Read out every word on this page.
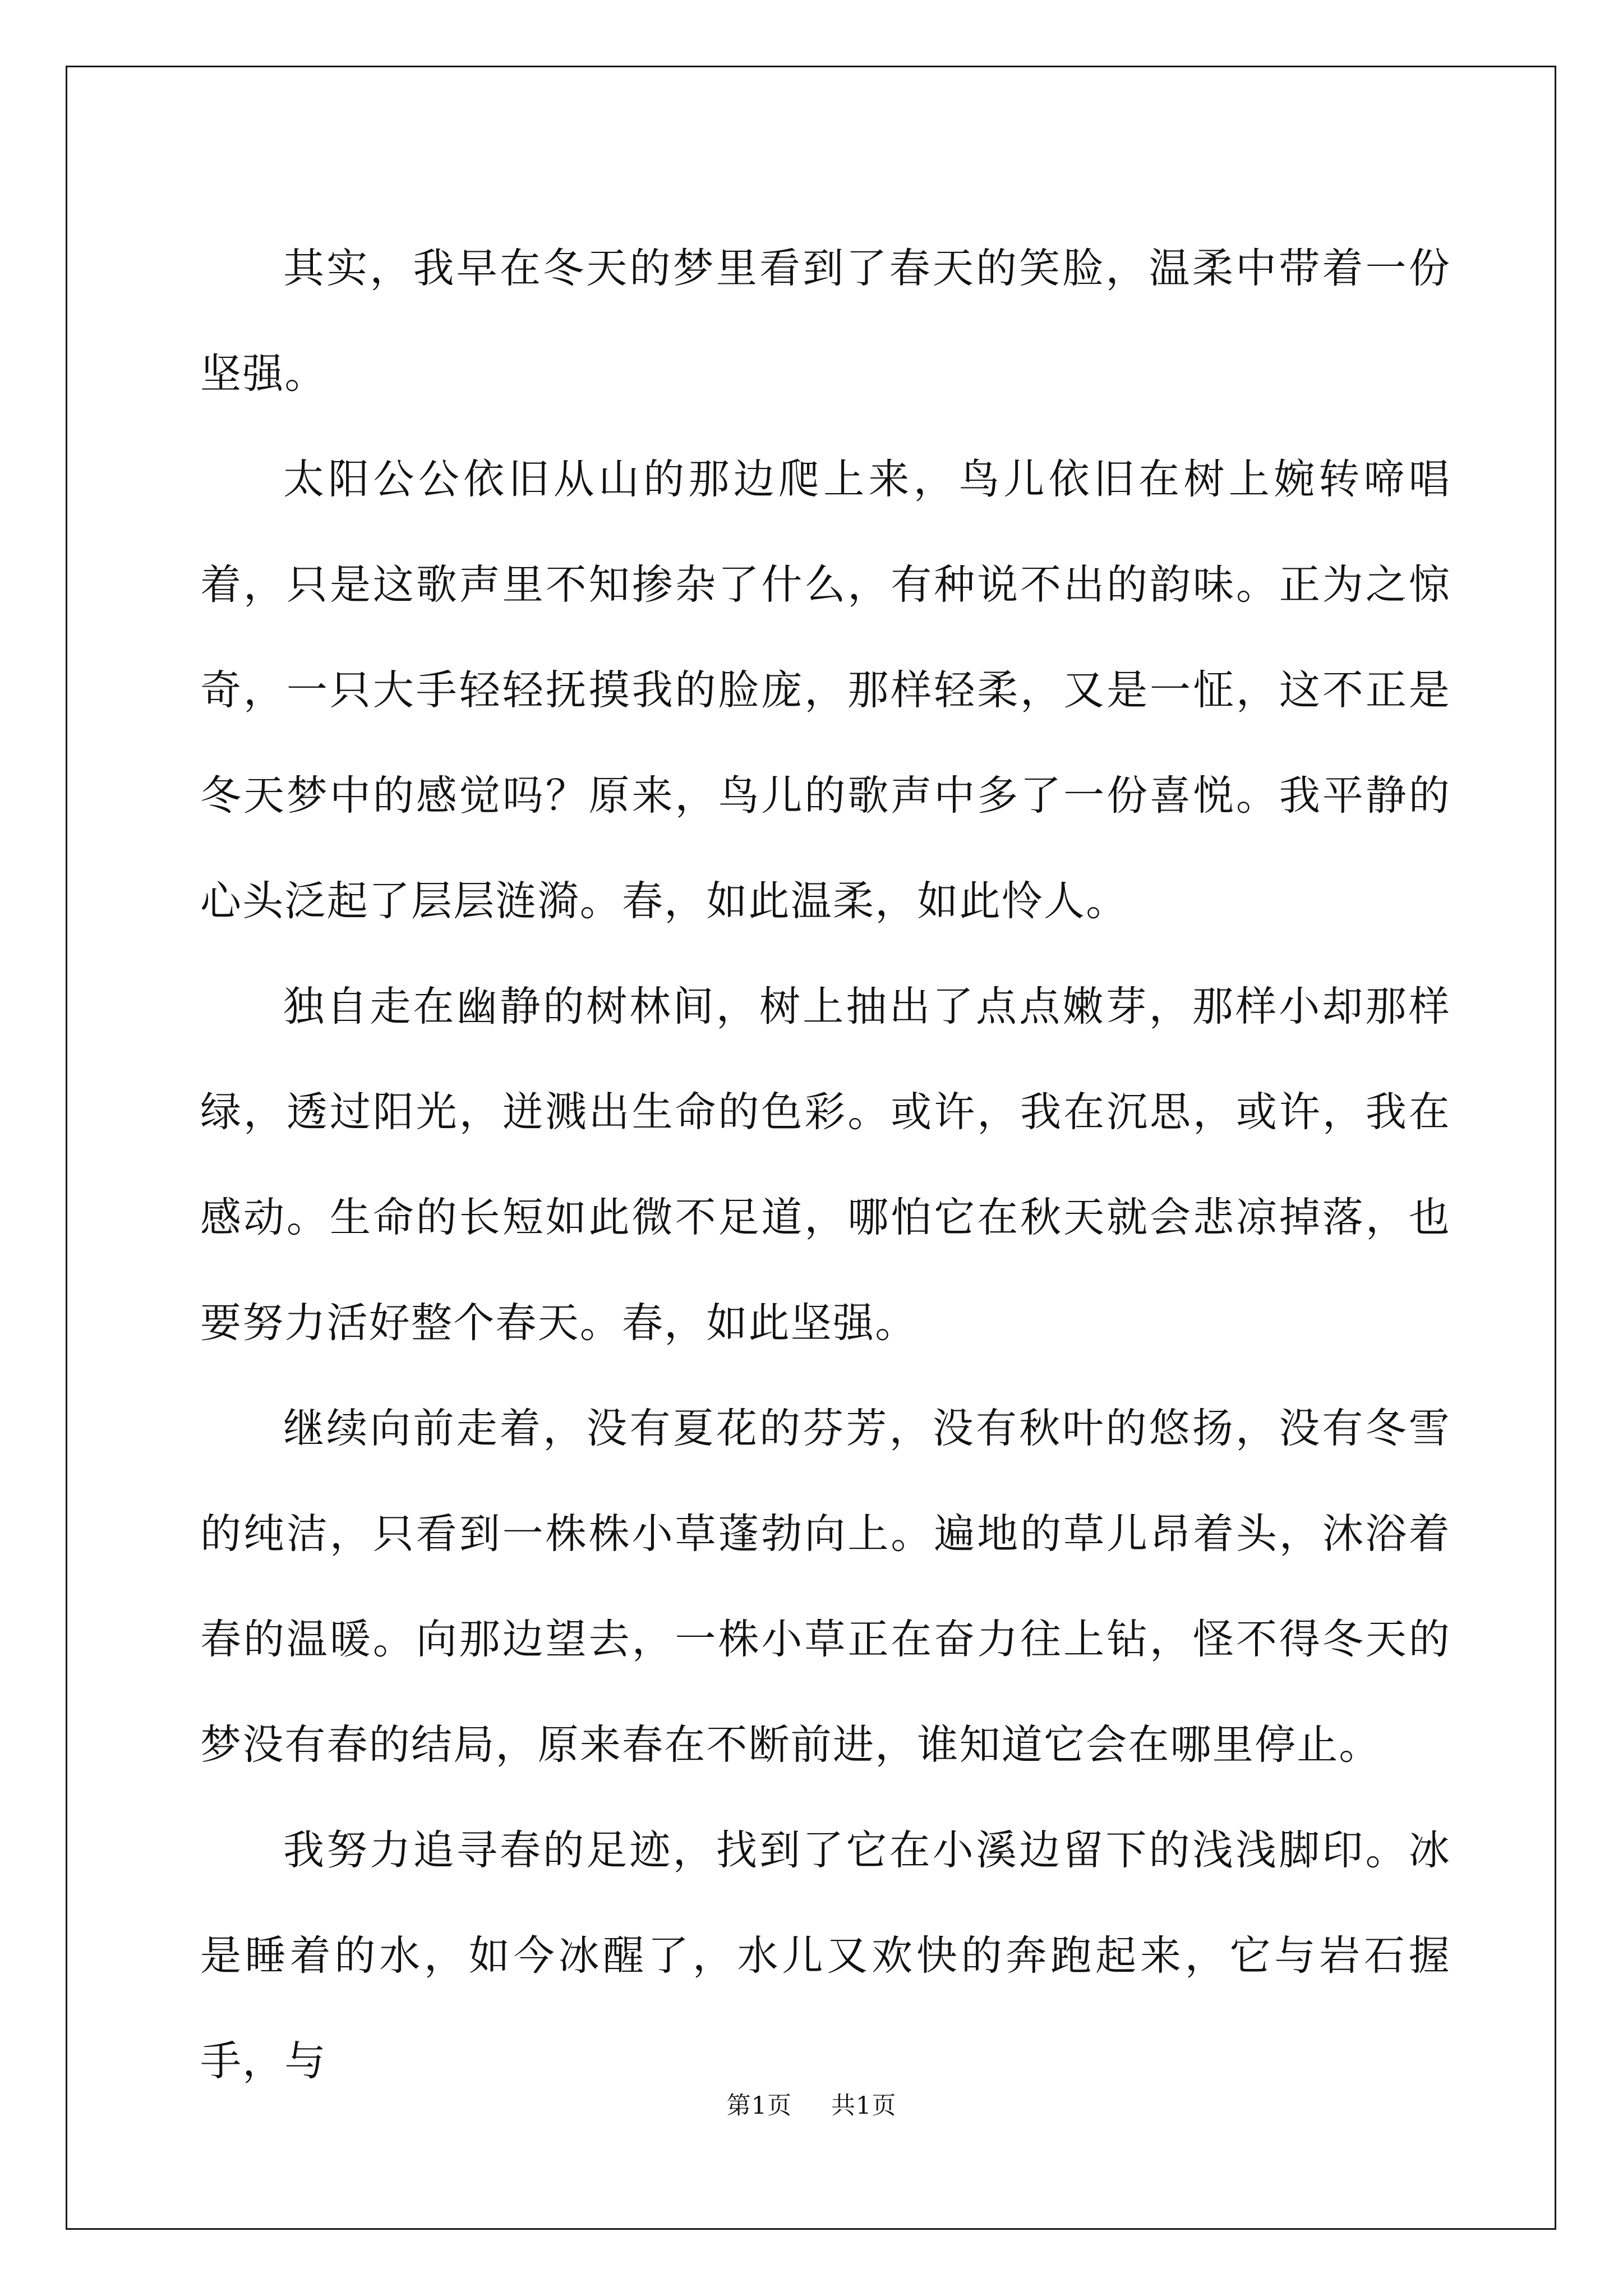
其实，我早在冬天的梦里看到了春天的笑脸，温柔中带着一份坚强。

太阳公公依旧从山的那边爬上来，鸟儿依旧在树上婉转啼唱着，只是这歌声里不知掺杂了什么，有种说不出的韵味。正为之惊奇，一只大手轻轻抚摸我的脸庞，那样轻柔，又是一怔，这不正是冬天梦中的感觉吗？原来，鸟儿的歌声中多了一份喜悦。我平静的心头泛起了层层涟漪。春，如此温柔，如此怜人。

独自走在幽静的树林间，树上抽出了点点嫩芽，那样小却那样绿，透过阳光，迸溅出生命的色彩。或许，我在沉思，或许，我在感动。生命的长短如此微不足道，哪怕它在秋天就会悲凉掉落，也要努力活好整个春天。春，如此坚强。

继续向前走着，没有夏花的芬芳，没有秋叶的悠扬，没有冬雪的纯洁，只看到一株株小草蓬勃向上。遍地的草儿昂着头，沐浴着春的温暖。向那边望去，一株小草正在奋力往上钻，怪不得冬天的梦没有春的结局，原来春在不断前进，谁知道它会在哪里停止。

我努力追寻春的足迹，找到了它在小溪边留下的浅浅脚印。冰是睡着的水，如今冰醒了，水儿又欢快的奔跑起来，它与岩石握手，与

第1页 共1页
